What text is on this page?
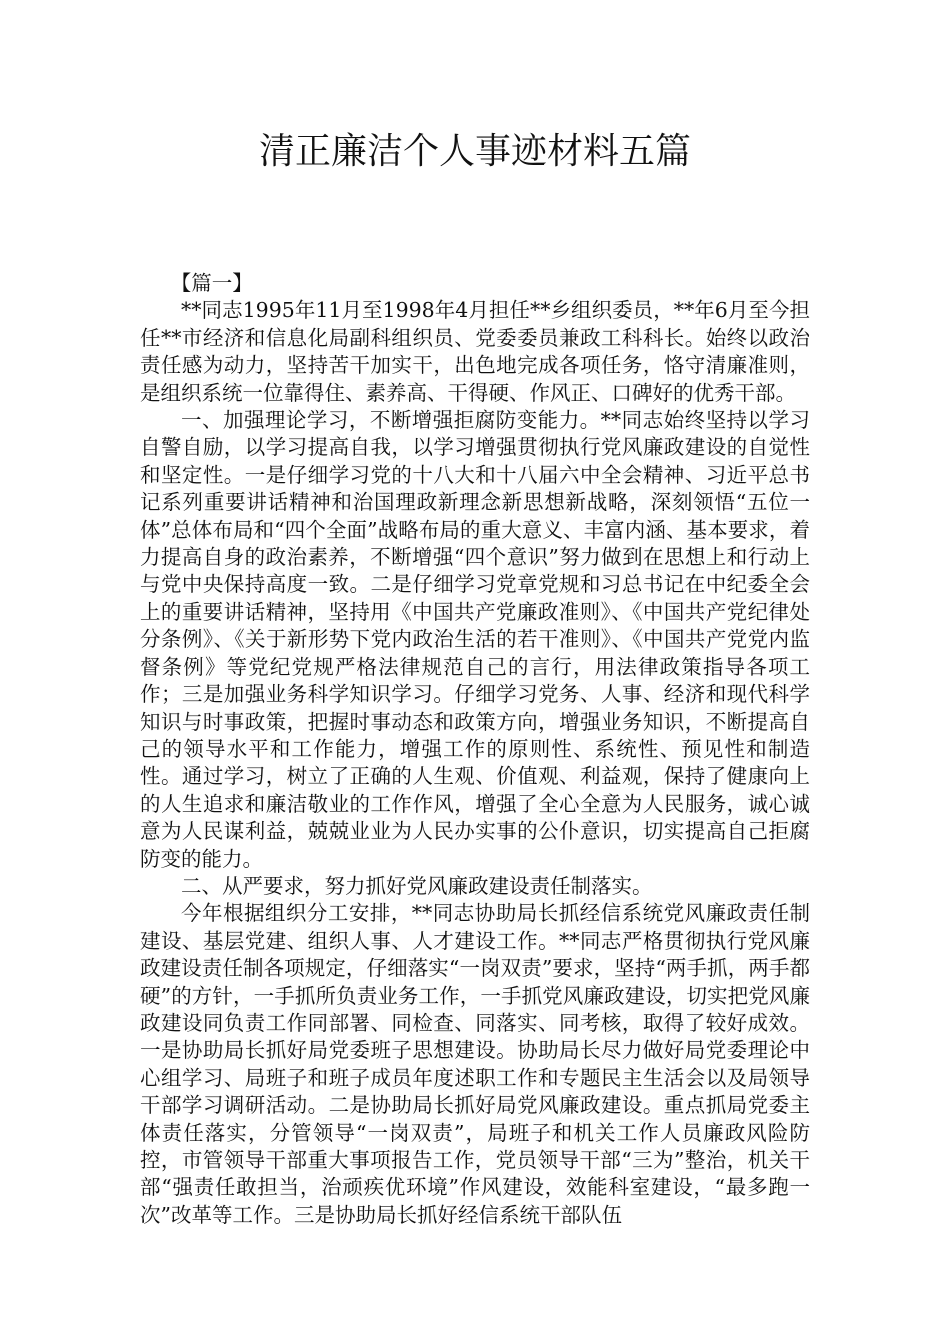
清正廉洁个人事迹材料五篇

【篇一】

**同志1995年11月至1998年4月担任**乡组织委员，**年6月至今担任**市经济和信息化局副科组织员、党委委员兼政工科科长。始终以政治责任感为动力，坚持苦干加实干，出色地完成各项任务，恪守清廉准则，是组织系统一位靠得住、素养高、干得硬、作风正、口碑好的优秀干部。

一、加强理论学习，不断增强拒腐防变能力。**同志始终坚持以学习自警自励，以学习提高自我，以学习增强贯彻执行党风廉政建设的自觉性和坚定性。一是仔细学习党的十八大和十八届六中全会精神、习近平总书记系列重要讲话精神和治国理政新理念新思想新战略，深刻领悟“五位一体”总体布局和“四个全面”战略布局的重大意义、丰富内涵、基本要求，着力提高自身的政治素养，不断增强“四个意识”努力做到在思想上和行动上与党中央保持高度一致。二是仔细学习党章党规和习总书记在中纪委全会上的重要讲话精神，坚持用《中国共产党廉政准则》、《中国共产党纪律处分条例》、《关于新形势下党内政治生活的若干准则》、《中国共产党党内监督条例》等党纪党规严格法律规范自己的言行，用法律政策指导各项工作；三是加强业务科学知识学习。仔细学习党务、人事、经济和现代科学知识与时事政策，把握时事动态和政策方向，增强业务知识，不断提高自己的领导水平和工作能力，增强工作的原则性、系统性、预见性和制造性。通过学习，树立了正确的人生观、价值观、利益观，保持了健康向上的人生追求和廉洁敬业的工作作风，增强了全心全意为人民服务，诚心诚意为人民谋利益，兢兢业业为人民办实事的公仆意识，切实提高自己拒腐防变的能力。

二、从严要求，努力抓好党风廉政建设责任制落实。

今年根据组织分工安排，**同志协助局长抓经信系统党风廉政责任制建设、基层党建、组织人事、人才建设工作。**同志严格贯彻执行党风廉政建设责任制各项规定，仔细落实“一岗双责”要求，坚持“两手抓，两手都硬”的方针，一手抓所负责业务工作，一手抓党风廉政建设，切实把党风廉政建设同负责工作同部署、同检查、同落实、同考核，取得了较好成效。一是协助局长抓好局党委班子思想建设。协助局长尽力做好局党委理论中心组学习、局班子和班子成员年度述职工作和专题民主生活会以及局领导干部学习调研活动。二是协助局长抓好局党风廉政建设。重点抓局党委主体责任落实，分管领导“一岗双责”，局班子和机关工作人员廉政风险防控，市管领导干部重大事项报告工作，党员领导干部“三为”整治，机关干部“强责任敢担当，治顽疾优环境”作风建设，效能科室建设，“最多跑一次”改革等工作。三是协助局长抓好经信系统干部队伍
